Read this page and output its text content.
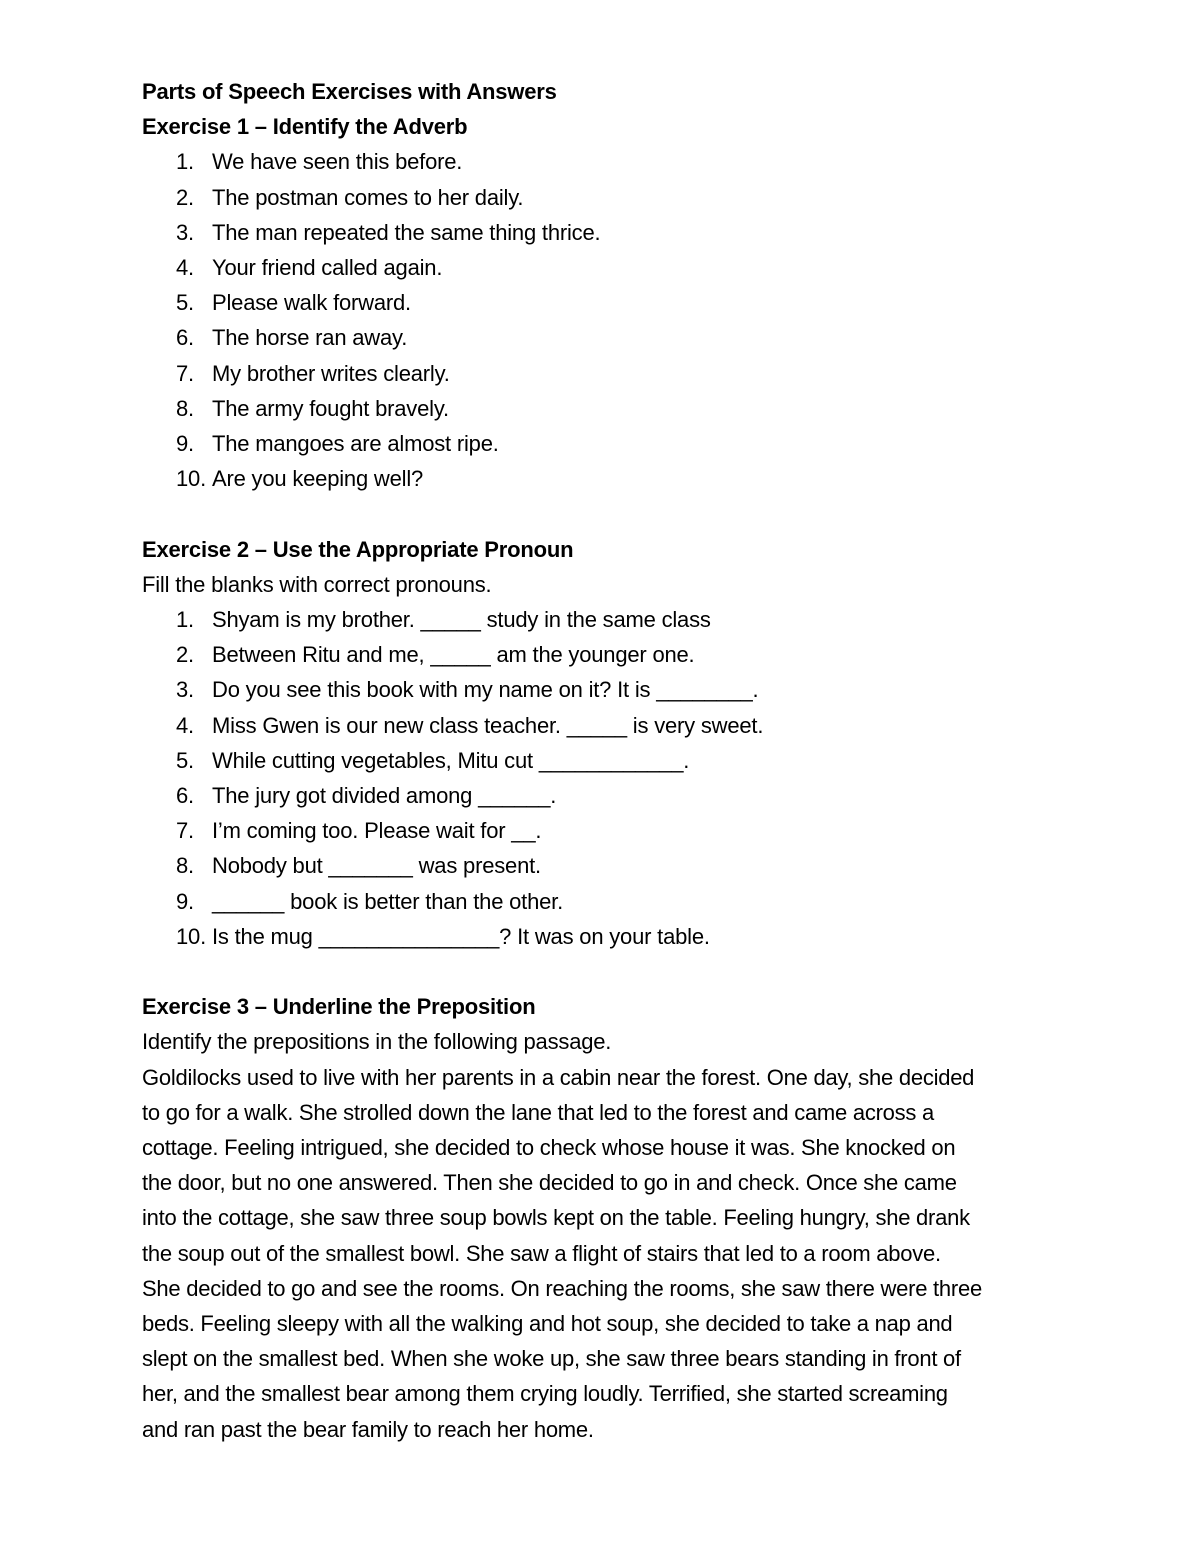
Parts of Speech Exercises with Answers
Exercise 1 – Identify the Adverb
1. We have seen this before.
2. The postman comes to her daily.
3. The man repeated the same thing thrice.
4. Your friend called again.
5. Please walk forward.
6. The horse ran away.
7. My brother writes clearly.
8. The army fought bravely.
9. The mangoes are almost ripe.
10. Are you keeping well?
Exercise 2 – Use the Appropriate Pronoun
Fill the blanks with correct pronouns.
1. Shyam is my brother. _____ study in the same class
2. Between Ritu and me, _____ am the younger one.
3. Do you see this book with my name on it? It is ________.
4. Miss Gwen is our new class teacher. _____ is very sweet.
5. While cutting vegetables, Mitu cut ____________.
6. The jury got divided among ______.
7. I’m coming too. Please wait for __.
8. Nobody but _______ was present.
9. ______ book is better than the other.
10. Is the mug _______________? It was on your table.
Exercise 3 – Underline the Preposition
Identify the prepositions in the following passage.
Goldilocks used to live with her parents in a cabin near the forest. One day, she decided
to go for a walk. She strolled down the lane that led to the forest and came across a
cottage. Feeling intrigued, she decided to check whose house it was. She knocked on
the door, but no one answered. Then she decided to go in and check. Once she came
into the cottage, she saw three soup bowls kept on the table. Feeling hungry, she drank
the soup out of the smallest bowl. She saw a flight of stairs that led to a room above.
She decided to go and see the rooms. On reaching the rooms, she saw there were three
beds. Feeling sleepy with all the walking and hot soup, she decided to take a nap and
slept on the smallest bed. When she woke up, she saw three bears standing in front of
her, and the smallest bear among them crying loudly. Terrified, she started screaming
and ran past the bear family to reach her home.
